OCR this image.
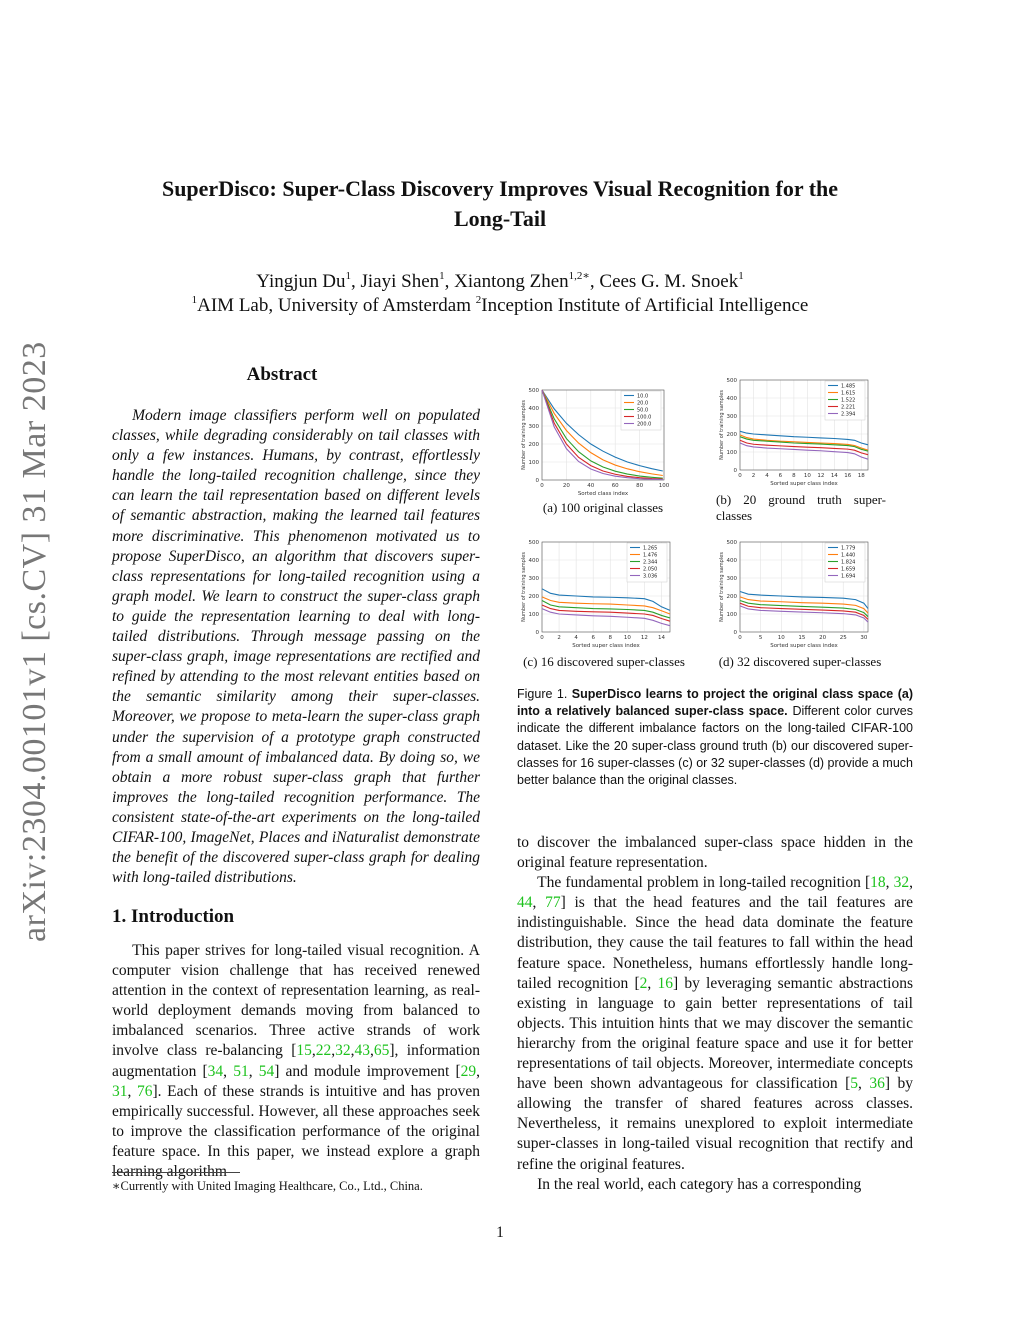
SuperDisco: Super-Class Discovery Improves Visual Recognition for the
Long-Tail
Yingjun Du$^1$, Jiayi Shen$^1$, Xiantong Zhen$^{1,2∗}$, Cees G. M. Snoek$^1$
$^1$AIM Lab, University of Amsterdam $^2$Inception Institute of Artificial Intelligence
arXiv:2304.00101v1 [cs.CV] 31 Mar 2023	Abstract

Modern image classifiers perform well on populated classes, while degrading considerably on tail classes with only a few instances. Humans, by contrast, effortlessly handle the long-tailed recognition challenge, since they can learn the tail representation based on different levels of semantic abstraction, making the learned tail features more discriminative. This phenomenon motivated us to propose SuperDisco, an algorithm that discovers super-class representations for long-tailed recognition using a graph model. We learn to construct the super-class graph to guide the representation learning to deal with long-tailed distributions. Through message passing on the super-class graph, image representations are rectified and refined by attending to the most relevant entities based on the semantic similarity among their super-classes. Moreover, we propose to meta-learn the super-class graph under the supervision of a prototype graph constructed from a small amount of imbalanced data. By doing so, we obtain a more robust super-class graph that further improves the long-tailed recognition performance. The consistent state-of-the-art experiments on the long-tailed CIFAR-100, ImageNet, Places and iNaturalist demonstrate the benefit of the discovered super-class graph for dealing with long-tailed distributions.

1. Introduction

This paper strives for long-tailed visual recognition. A computer vision challenge that has received renewed attention in the context of representation learning, as real-world deployment demands moving from balanced to imbalanced scenarios. Three active strands of work involve class re-balancing [15,22,32,43,65], information augmentation [34, 51, 54] and module improvement [29, 31, 76]. Each of these strands is intuitive and has proven empirically successful. However, all these approaches seek to improve the classification performance of the original feature space. In this paper, we instead explore a graph learning algorithm

∗Currently with United Imaging Healthcare, Co., Ltd., China.
1
0
100
200
300
400
500
0	20	40	60	80	100
Sorted class index
Number of training samples
10.0
20.0
50.0
100.0
200.0
(a) 100 original classes
0
100
200
300
400
500
0 2 4 6 8 10 12 14 16 18
Sorted super class index
Number of training samples
1.485
1.615
1.522
2.221
2.394
(b) 20 ground truth super-classes
0
100
200
300
400
500
0 2 4 6 8 10 12 14
Sorted super class index
Number of training samples
1.265
1.476
2.344
2.050
3.036
(c) 16 discovered super-classes
0
100
200
300
400
500
0	5	10 15 20 25 30
Sorted super class index
Number of training samples
1.779
1.440
1.824
1.659
1.694
(d) 32 discovered super-classes
Figure 1. SuperDisco learns to project the original class space (a) into a relatively balanced super-class space. Different color curves indicate the different imbalance factors on the long-tailed CIFAR-100 dataset. Like the 20 super-class ground truth (b) our discovered super-classes for 16 super-classes (c) or 32 super-classes (d) provide a much better balance than the original classes.

to discover the imbalanced super-class space hidden in the original feature representation.

The fundamental problem in long-tailed recognition [18, 32, 44, 77] is that the head features and the tail features are indistinguishable. Since the head data dominate the feature distribution, they cause the tail features to fall within the head feature space. Nonetheless, humans effortlessly handle long-tailed recognition [2, 16] by leveraging semantic abstractions existing in language to gain better representations of tail objects. This intuition hints that we may discover the semantic hierarchy from the original feature space and use it for better representations of tail objects. Moreover, intermediate concepts have been shown advantageous for classification [5, 36] by allowing the transfer of shared features across classes. Nevertheless, it remains unexplored to exploit intermediate super-classes in long-tailed visual recognition that rectify and refine the original features.

In the real world, each category has a corresponding
